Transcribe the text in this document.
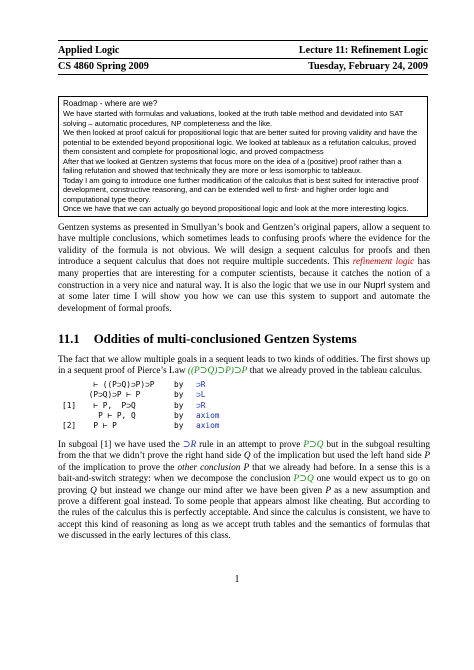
Applied Logic	Lecture 11: Refinement Logic
CS 4860 Spring 2009	Tuesday, February 24, 2009

Roadmap - where are we?

We have started with formulas and valuations, looked at the truth table method and devidated into SAT solving – automatic procedures, NP completeness and the like.

We then looked at proof calculi for propositional logic that are better suited for proving validity and have the potential to be extended beyond propositional logic. We looked at tableaux as a refutation calculus, proved them consistent and complete for propositional logic, and proved compactness

After that we looked at Gentzen systems that focus more on the idea of a (positive) proof rather than a failing refutation and showed that technically they are more or less isomorphic to tableaux.

Today I am going to introduce one further modification of the calculus that is best suited for interactive proof development, constructive reasoning, and can be extended well to first- and higher order logic and computational type theory.

Once we have that we can actually go beyond propositional logic and look at the more interesting logics.

Gentzen systems as presented in Smullyan’s book and Gentzen’s original papers, allow a sequent to have multiple conclusions, which sometimes leads to confusing proofs where the evidence for the validity of the formula is not obvious. We will design a sequent calculus for proofs and then introduce a sequent calculus that does not require multiple succedents. This refinement logic has many properties that are interesting for a computer scientists, because it catches the notion of a construction in a very nice and natural way. It is also the logic that we use in our Nuprl system and at some later time I will show you how we can use this system to support and automate the development of formal proofs.

11.1 Oddities of multi-conclusioned Gentzen Systems

The fact that we allow multiple goals in a sequent leads to two kinds of oddities. The first shows up in a sequent proof of Pierce’s Law ((P⊃Q)⊃P)⊃P that we already proved in the tableau calculus.

⊢ ((P⊃Q)⊃P)⊃P	by	⊃R
(P⊃Q)⊃P ⊢ P	by	⊃L
[1]	⊢ P,  P⊃Q	by	⊃R
P ⊢ P, Q	by	axiom
[2]	P ⊢ P	by	axiom

In subgoal [1] we have used the ⊃R rule in an attempt to prove P⊃Q but in the subgoal resulting from the that we didn’t prove the right hand side Q of the implication but used the left hand side P of the implication to prove the other conclusion P that we already had before. In a sense this is a bait-and-switch strategy: when we decompose the conclusion P⊃Q one would expect us to go on proving Q but instead we change our mind after we have been given P as a new assumption and prove a different goal instead. To some people that appears almost like cheating. But according to the rules of the calculus this is perfectly acceptable. And since the calculus is consistent, we have to accept this kind of reasoning as long as we accept truth tables and the semantics of formulas that we discussed in the early lectures of this class.

1
